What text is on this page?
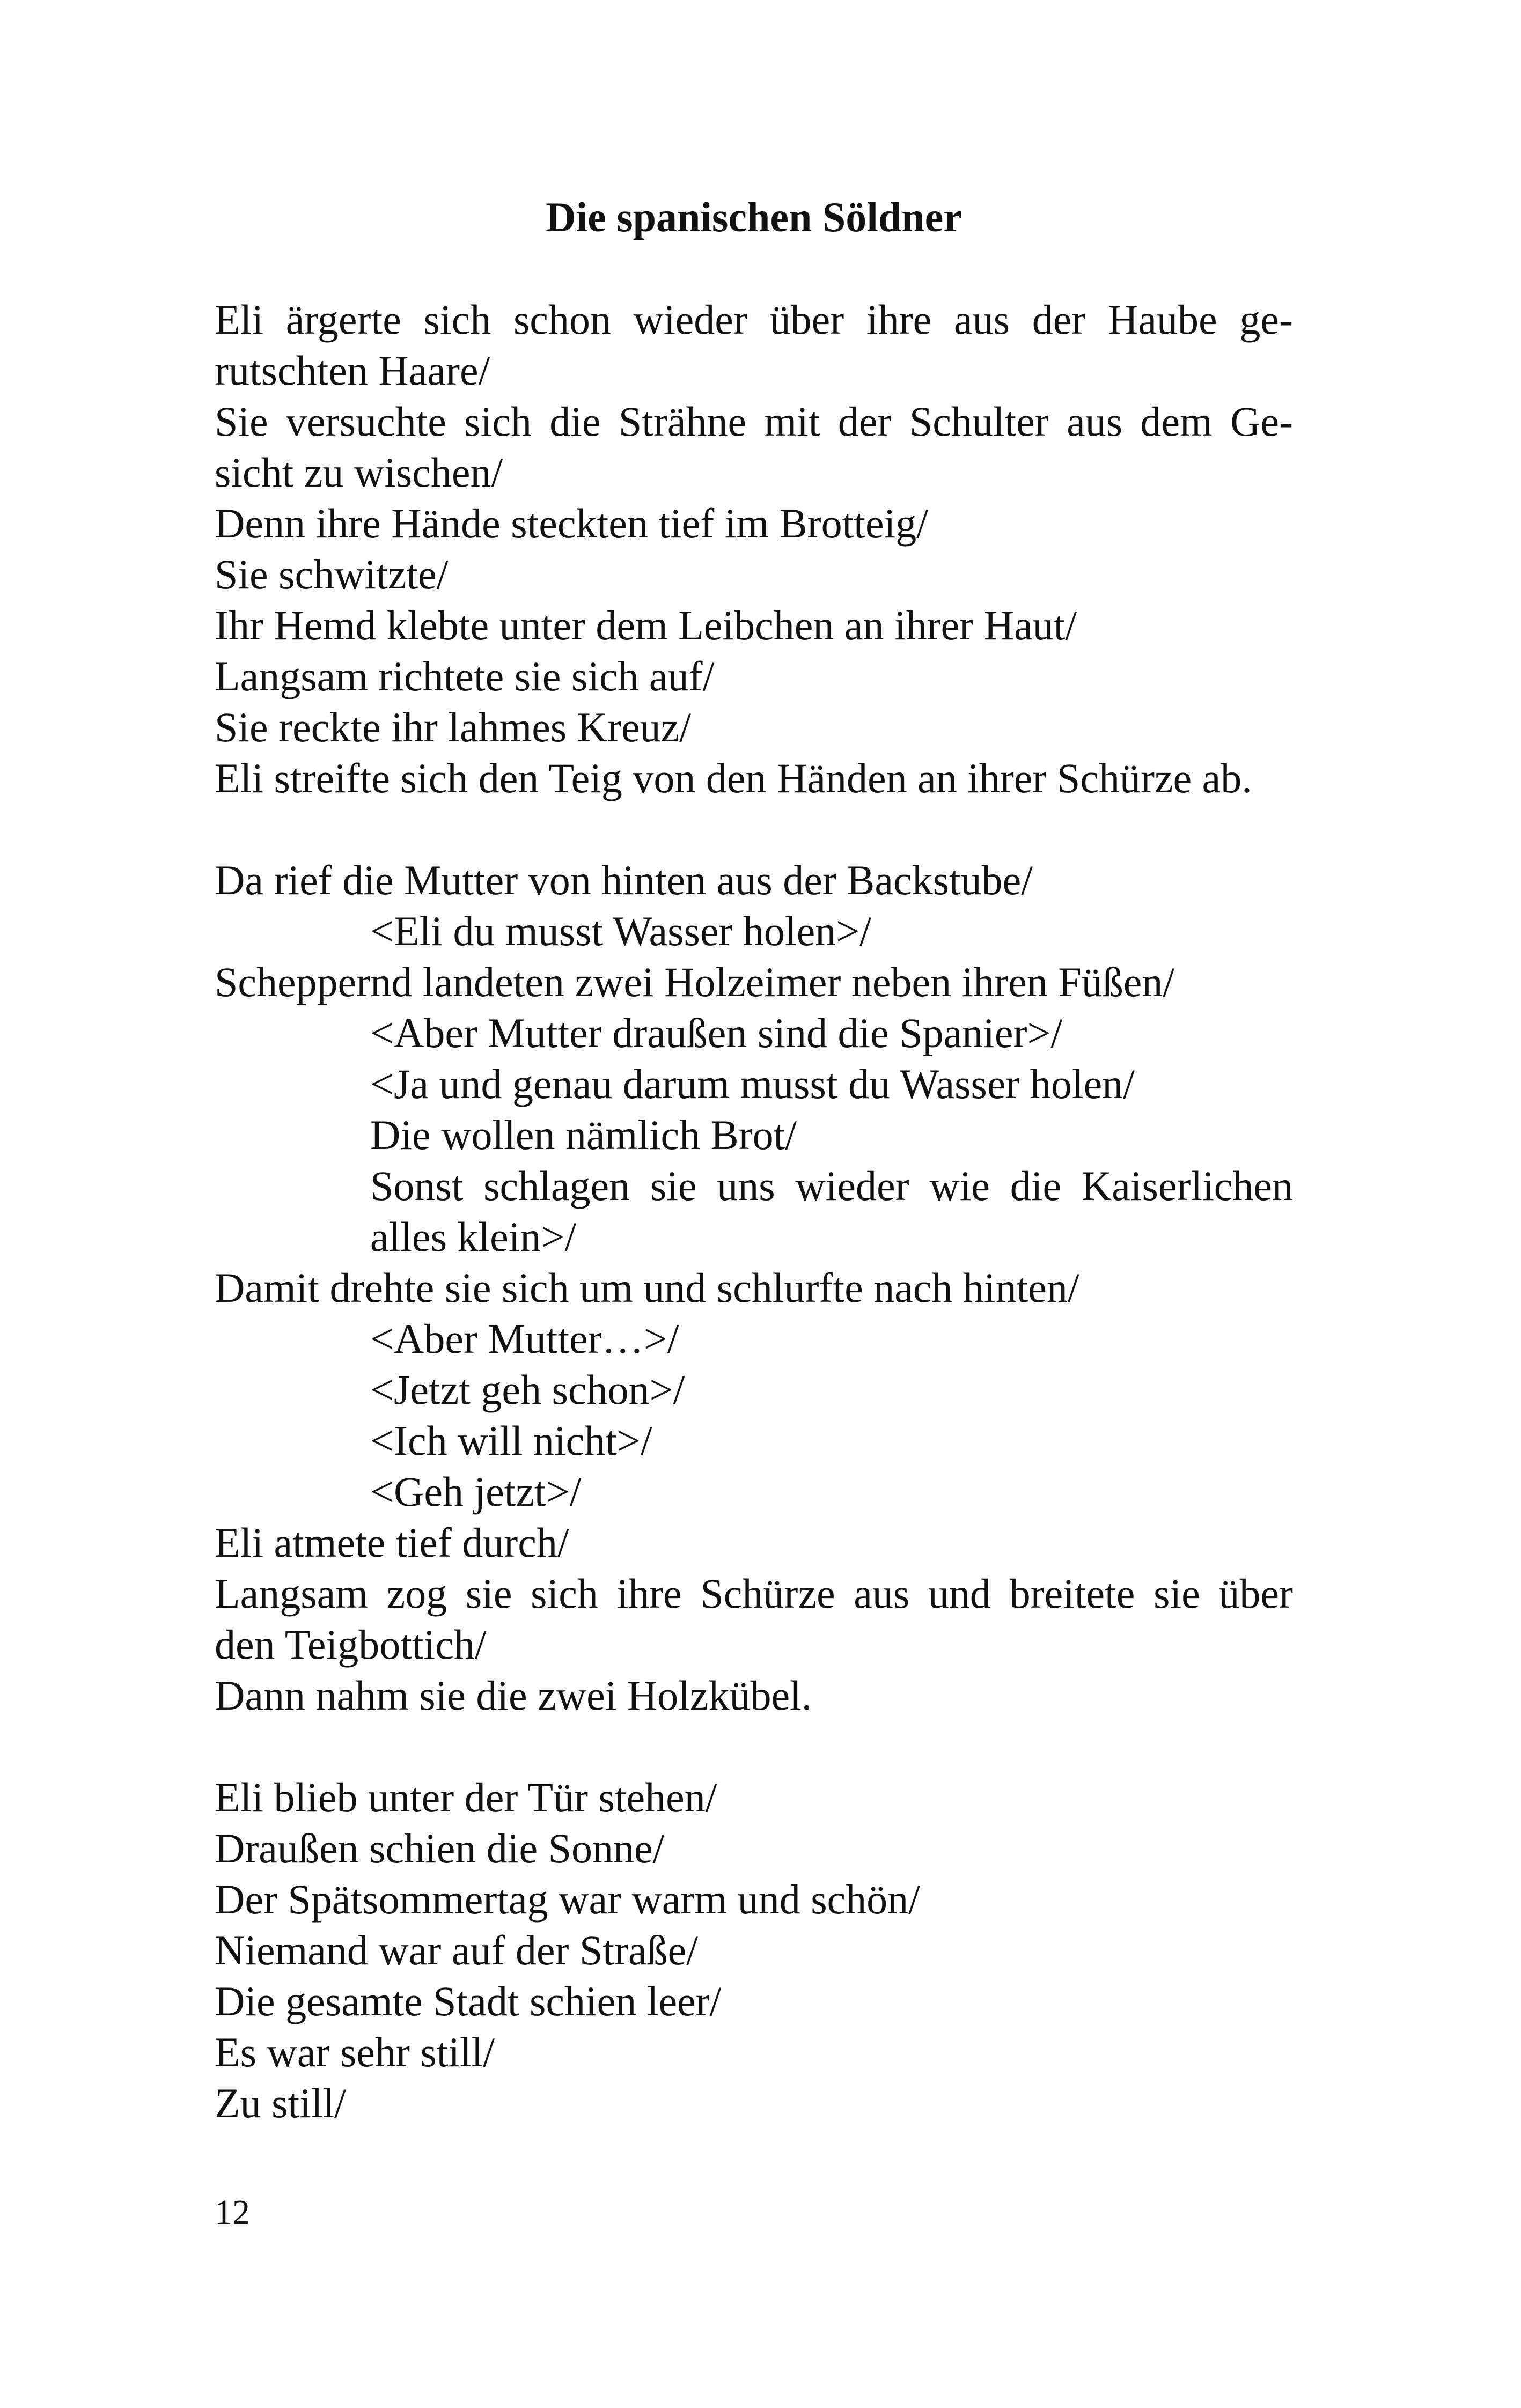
Die spanischen Söldner
Eli ärgerte sich schon wieder über ihre aus der Haube ge-
rutschten Haare/
Sie versuchte sich die Strähne mit der Schulter aus dem Ge-
sicht zu wischen/
Denn ihre Hände steckten tief im Brotteig/
Sie schwitzte/
Ihr Hemd klebte unter dem Leibchen an ihrer Haut/
Langsam richtete sie sich auf/
Sie reckte ihr lahmes Kreuz/
Eli streifte sich den Teig von den Händen an ihrer Schürze ab.
Da rief die Mutter von hinten aus der Backstube/
<Eli du musst Wasser holen>/
Scheppernd landeten zwei Holzeimer neben ihren Füßen/
<Aber Mutter draußen sind die Spanier>/
<Ja und genau darum musst du Wasser holen/
Die wollen nämlich Brot/
Sonst schlagen sie uns wieder wie die Kaiserlichen
alles klein>/
Damit drehte sie sich um und schlurfte nach hinten/
<Aber Mutter…>/
<Jetzt geh schon>/
<Ich will nicht>/
<Geh jetzt>/
Eli atmete tief durch/
Langsam zog sie sich ihre Schürze aus und breitete sie über
den Teigbottich/
Dann nahm sie die zwei Holzkübel.
Eli blieb unter der Tür stehen/
Draußen schien die Sonne/
Der Spätsommertag war warm und schön/
Niemand war auf der Straße/
Die gesamte Stadt schien leer/
Es war sehr still/
Zu still/
12
